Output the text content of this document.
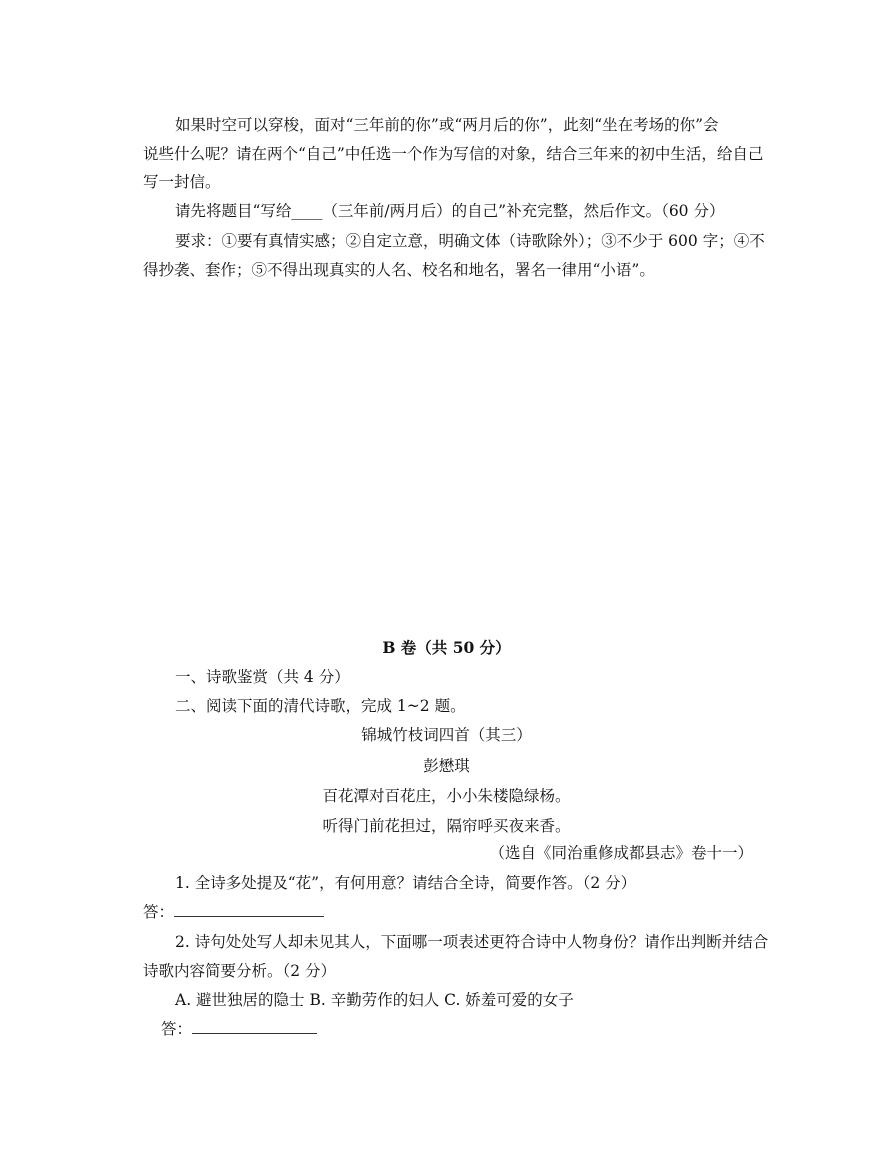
如果时空可以穿梭，面对“三年前的你”或“两月后的你”，此刻“坐在考场的你”会
说些什么呢？请在两个“自己”中任选一个作为写信的对象，结合三年来的初中生活，给自己
写一封信。
请先将题目“写给____（三年前/两月后）的自己”补充完整，然后作文。（60 分）
要求：①要有真情实感；②自定立意，明确文体（诗歌除外）；③不少于 600 字；④不
得抄袭、套作；⑤不得出现真实的人名、校名和地名，署名一律用“小语”。
B 卷（共 50 分）
一、诗歌鉴赏（共 4 分）
二、阅读下面的清代诗歌，完成 1~2 题。
锦城竹枝词四首（其三）
彭懋琪
百花潭对百花庄，小小朱楼隐绿杨。
听得门前花担过，隔帘呼买夜来香。
（选自《同治重修成都县志》卷十一）
1. 全诗多处提及“花”，有何用意？请结合全诗，简要作答。（2 分）
答：
2. 诗句处处写人却未见其人，下面哪一项表述更符合诗中人物身份？请作出判断并结合
诗歌内容简要分析。（2 分）
A. 避世独居的隐士 B. 辛勤劳作的妇人 C. 娇羞可爱的女子
答：
